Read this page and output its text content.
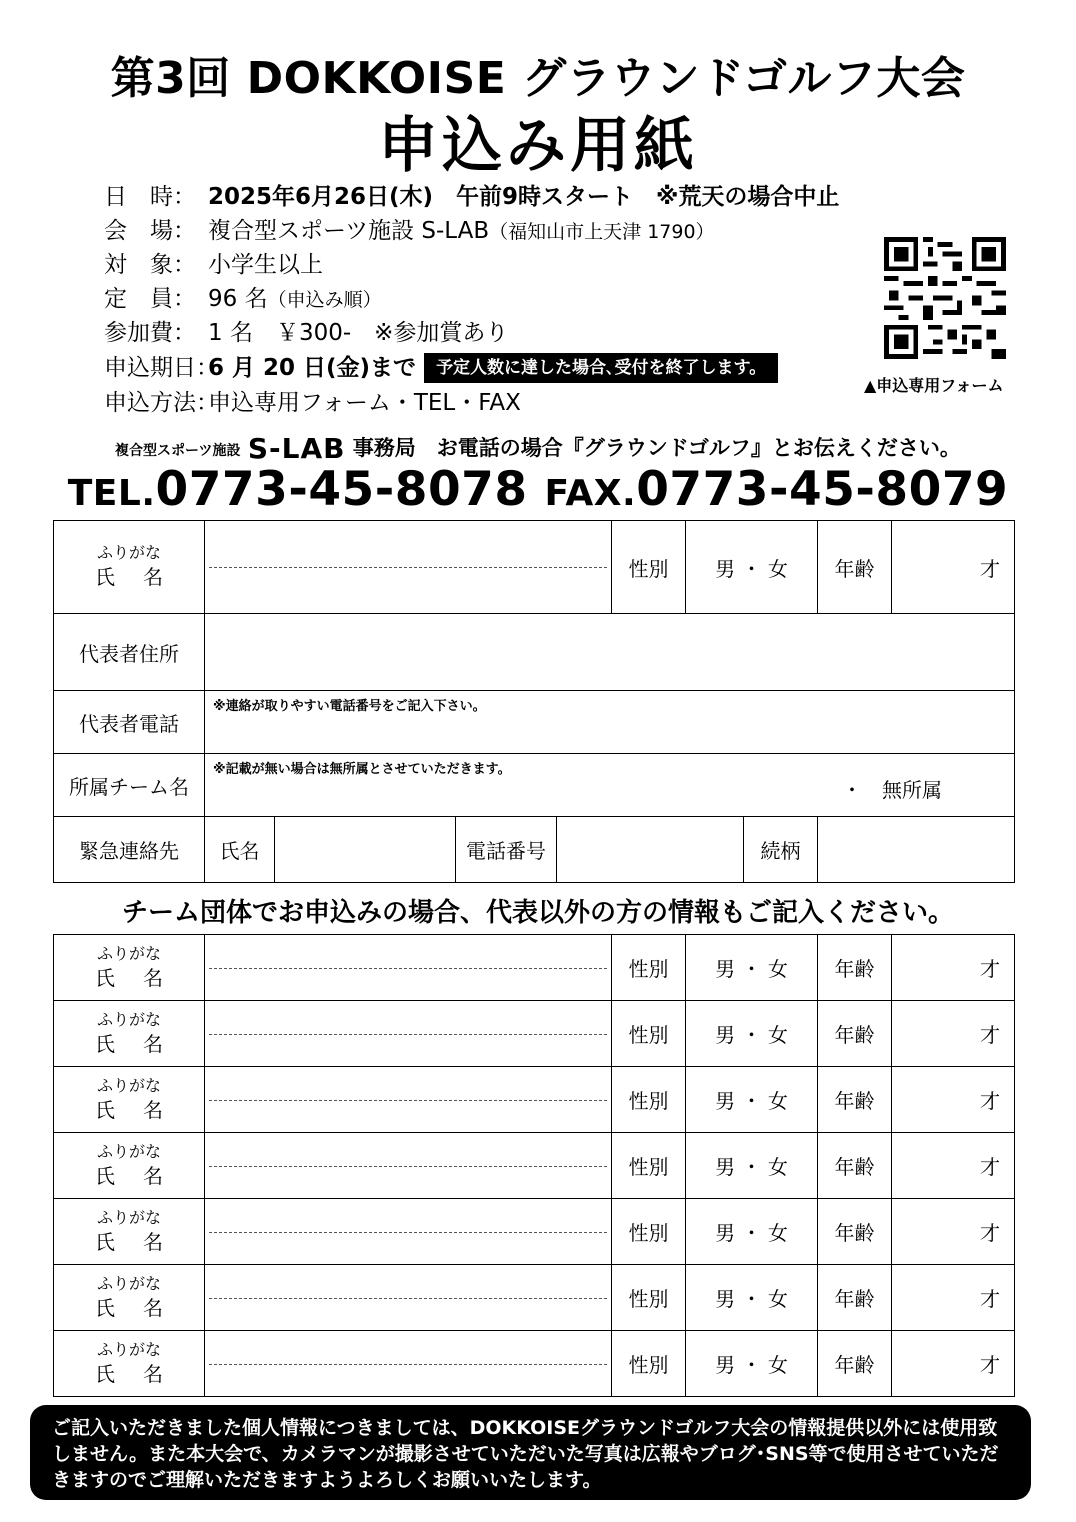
第3回 DOKKOISE グラウンドゴルフ大会
申込み用紙
日　時： 2025年6月26日(木)　午前9時スタート　※荒天の場合中止
会　場： 複合型スポーツ施設 S-LAB（福知山市上天津 1790）
対　象： 小学生以上
定　員： 96 名（申込み順）
参加費： 1 名　￥300-　※参加賞あり
申込期日：6 月 20 日(金)まで 予定人数に達した場合､受付を終了します。
申込方法：申込専用フォーム・TEL・FAX
▲申込専用フォーム
複合型スポーツ施設 S-LAB 事務局　お電話の場合『グラウンドゴルフ』とお伝えください。
TEL.0773-45-8078 FAX.0773-45-8079
ふりがな
氏名					性別	男 ・ 女		年齢	才
代表者住所									
代表者電話	※連絡が取りやすい電話番号をご記入下さい。								

所属チーム名	※記載が無い場合は無所属とさせていただきます。
・　無所属								

緊急連絡先	氏名		電話番号				続柄		
チーム団体でお申込みの場合、代表以外の方の情報もご記入ください。
ふりがな
氏名		性別	男 ・ 女	年齢	才

ふりがな
氏名		性別	男 ・ 女	年齢	才

ふりがな
氏名		性別	男 ・ 女	年齢	才

ふりがな
氏名		性別	男 ・ 女	年齢	才

ふりがな
氏名		性別	男 ・ 女	年齢	才

ふりがな
氏名		性別	男 ・ 女	年齢	才

ふりがな
氏名		性別	男 ・ 女	年齢	才
ご記入いただきました個人情報につきましては、DOKKOISEグラウンドゴルフ大会の情報提供以外には使用致しません。また本大会で、カメラマンが撮影させていただいた写真は広報やブログ･SNS等で使用させていただきますのでご理解いただきますようよろしくお願いいたします。
